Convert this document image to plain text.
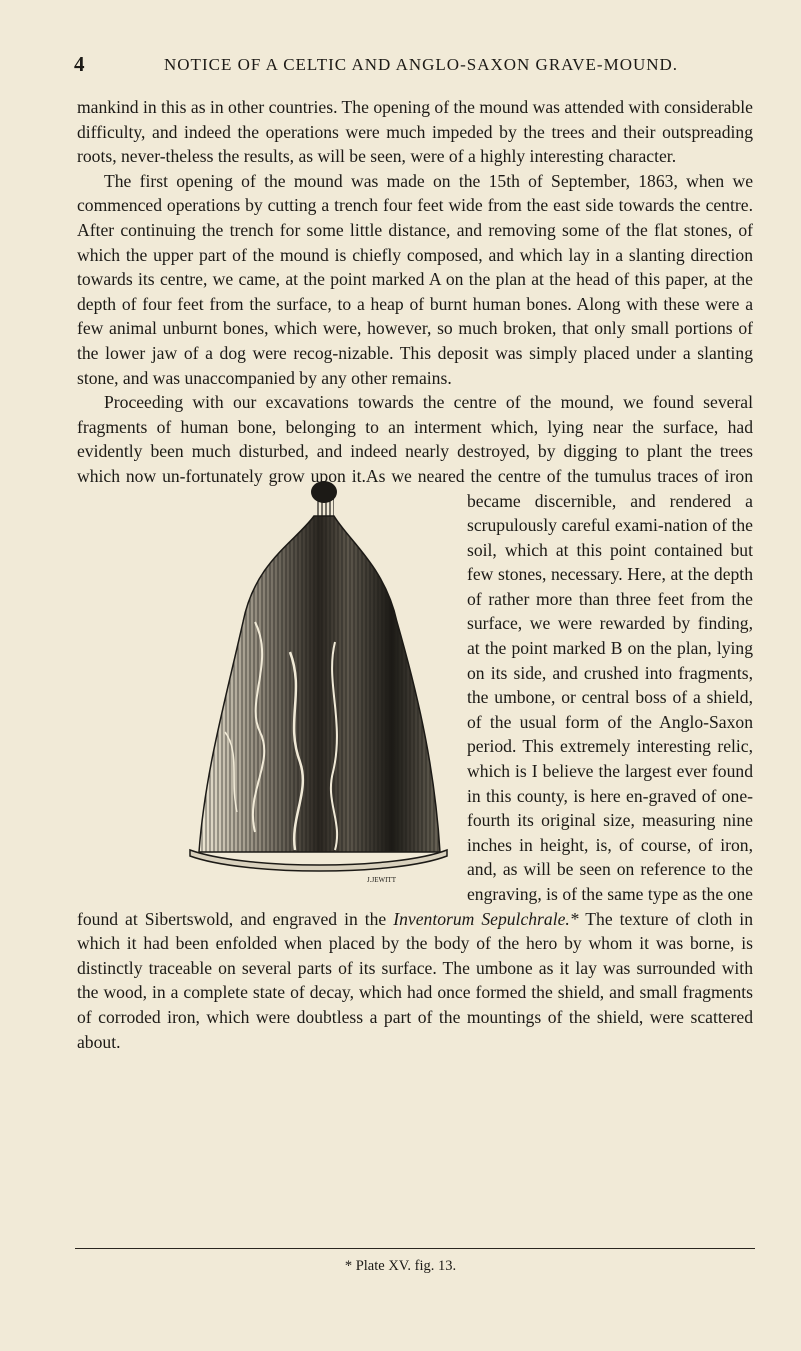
4	NOTICE OF A CELTIC AND ANGLO-SAXON GRAVE-MOUND.

mankind in this as in other countries. The opening of the mound was attended with considerable difficulty, and indeed the operations were much impeded by the trees and their outspreading roots, never-theless the results, as will be seen, were of a highly interesting character.

The first opening of the mound was made on the 15th of September, 1863, when we commenced operations by cutting a trench four feet wide from the east side towards the centre. After continuing the trench for some little distance, and removing some of the flat stones, of which the upper part of the mound is chiefly composed, and which lay in a slanting direction towards its centre, we came, at the point marked A on the plan at the head of this paper, at the depth of four feet from the surface, to a heap of burnt human bones. Along with these were a few animal unburnt bones, which were, however, so much broken, that only small portions of the lower jaw of a dog were recog-nizable. This deposit was simply placed under a slanting stone, and was unaccompanied by any other remains.

Proceeding with our excavations towards the centre of the mound, we found several fragments of human bone, belonging to an interment which, lying near the surface, had evidently been much disturbed, and indeed nearly destroyed, by digging to plant the trees which now un-fortunately grow upon it.
J.JEWITT
As we neared the centre of the tumulus traces of iron became discernible, and rendered a scrupulously careful exami-nation of the soil, which at this point contained but few stones, necessary. Here, at the depth of rather more than three feet from the surface, we were rewarded by finding, at the point marked B on the plan, lying on its side, and crushed into fragments, the umbone, or central boss of a shield, of the usual form of the Anglo-Saxon period. This extremely interesting relic, which is I believe the largest ever found in this county, is here en-graved of one-fourth its original size, measuring nine inches in height, is, of course, of iron, and, as will be seen on reference to the engraving, is of the same type as the one found at Sibertswold, and engraved in the Inventorum Sepulchrale.* The texture of cloth in which it had been enfolded when placed by the body of the hero by whom it was borne, is distinctly traceable on several parts of its surface. The umbone as it lay was surrounded with the wood, in a complete state of decay, which had once formed the shield, and small fragments of corroded iron, which were doubtless a part of the mountings of the shield, were scattered about.

* Plate XV. fig. 13.
